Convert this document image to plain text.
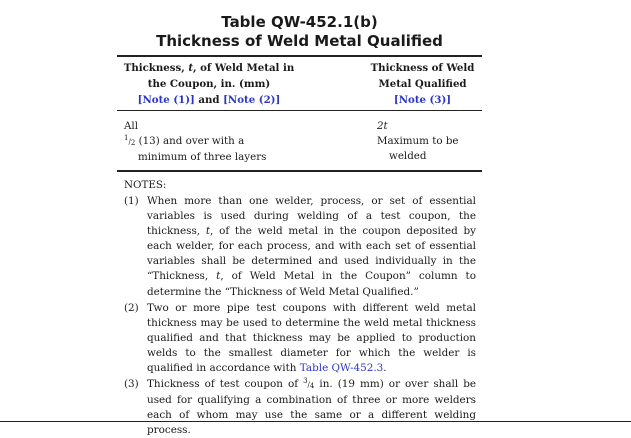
Table QW-452.1(b)
Thickness of Weld Metal Qualified
Thickness, t, of Weld Metal in
the Coupon, in. (mm)
[Note (1)] and [Note (2)]
Thickness of Weld
Metal Qualified
[Note (3)]
All	2t
1/2 (13) and over with a
minimum of three layers
Maximum to be
welded
NOTES:
(1) When more than one welder, process, or set of essential variables is used during welding of a test coupon, the thickness, t, of the weld metal in the coupon deposited by each welder, for each process, and with each set of essential variables shall be determined and used individually in the “Thickness, t, of Weld Metal in the Coupon” column to determine the “Thickness of Weld Metal Qualified.”
(2) Two or more pipe test coupons with different weld metal thickness may be used to determine the weld metal thickness qualified and that thickness may be applied to production welds to the smallest diameter for which the welder is qualified in accordance with Table QW-452.3.
(3) Thickness of test coupon of 3/4 in. (19 mm) or over shall be used for qualifying a combination of three or more welders each of whom may use the same or a different welding process.
